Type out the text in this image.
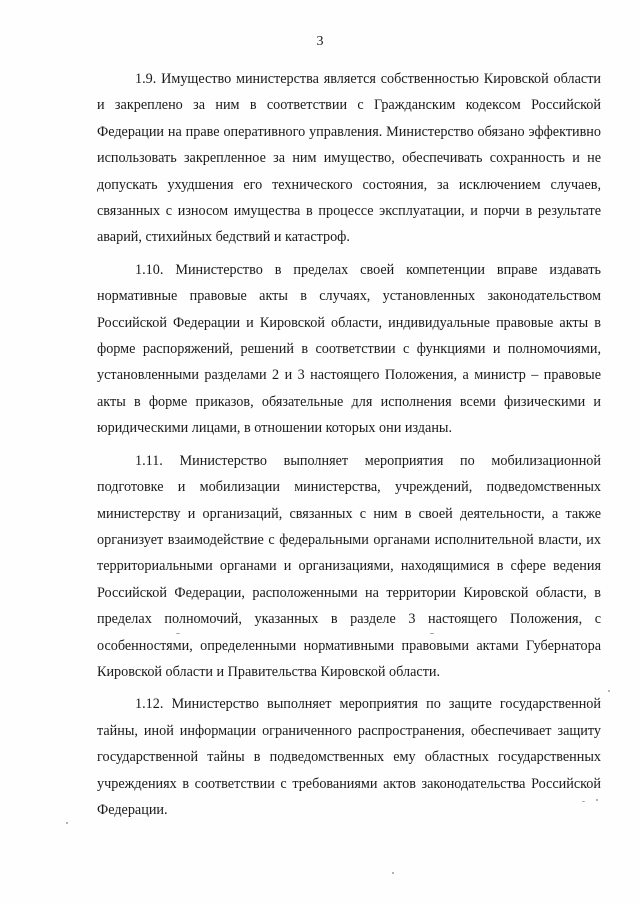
3

1.9. Имущество министерства является собственностью Кировской области и закреплено за ним в соответствии с Гражданским кодексом Российской Федерации на праве оперативного управления. Министерство обязано эффективно использовать закрепленное за ним имущество, обеспечивать сохранность и не допускать ухудшения его технического состояния, за исключением случаев, связанных с износом имущества в процессе эксплуатации, и порчи в результате аварий, стихийных бедствий и катастроф.

1.10. Министерство в пределах своей компетенции вправе издавать нормативные правовые акты в случаях, установленных законодательством Российской Федерации и Кировской области, индивидуальные правовые акты в форме распоряжений, решений в соответствии с функциями и полномочиями, установленными разделами 2 и 3 настоящего Положения, а министр – правовые акты в форме приказов, обязательные для исполнения всеми физическими и юридическими лицами, в отношении которых они изданы.

1.11. Министерство выполняет мероприятия по мобилизационной подготовке и мобилизации министерства, учреждений, подведомственных министерству и организаций, связанных с ним в своей деятельности, а также организует взаимодействие с федеральными органами исполнительной власти, их территориальными органами и организациями, находящимися в сфере ведения Российской Федерации, расположенными на территории Кировской области, в пределах полномочий, указанных в разделе 3 настоящего Положения, с особенностями, определенными нормативными правовыми актами Губернатора Кировской области и Правительства Кировской области.

1.12. Министерство выполняет мероприятия по защите государственной тайны, иной информации ограниченного распространения, обеспечивает защиту государственной тайны в подведомственных ему областных государственных учреждениях в соответствии с требованиями актов законодательства Российской Федерации.
